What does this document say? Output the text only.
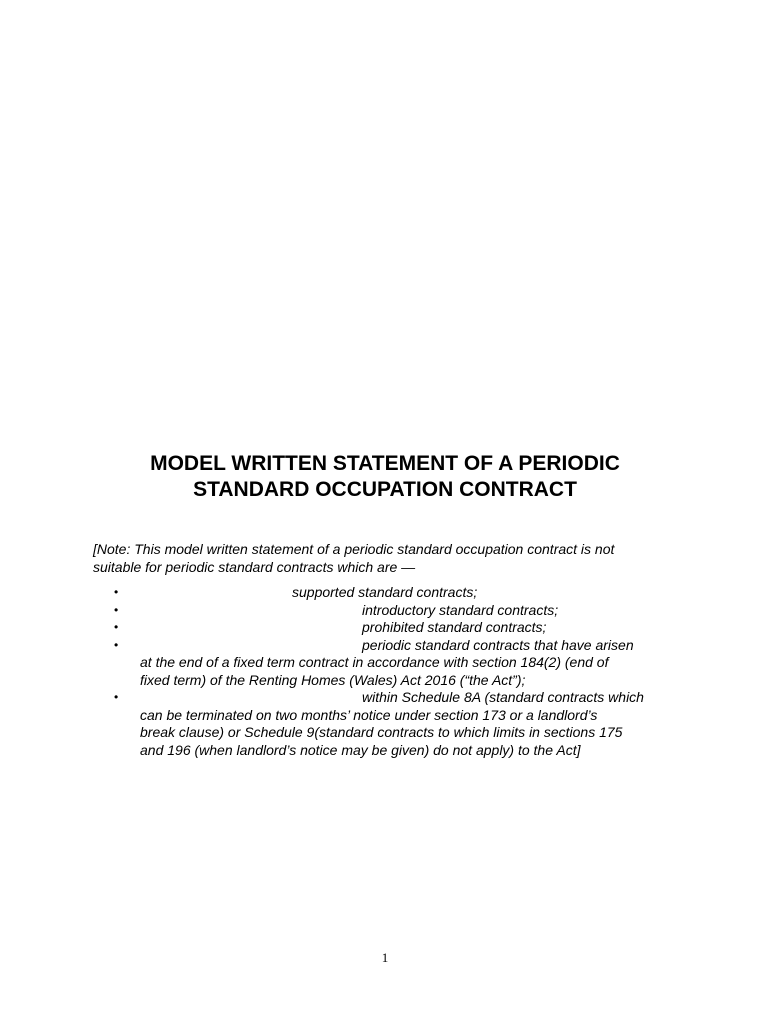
MODEL WRITTEN STATEMENT OF A PERIODIC
STANDARD OCCUPATION CONTRACT

[Note: This model written statement of a periodic standard occupation contract is not
suitable for periodic standard contracts which are —

•	supported standard contracts;
•	introductory standard contracts;
•	prohibited standard contracts;
•	periodic standard contracts that have arisen
at the end of a fixed term contract in accordance with section 184(2) (end of
fixed term) of the Renting Homes (Wales) Act 2016 (“the Act”);
•	within Schedule 8A (standard contracts which
can be terminated on two months’ notice under section 173 or a landlord’s
break clause) or Schedule 9(standard contracts to which limits in sections 175
and 196 (when landlord’s notice may be given) do not apply) to the Act]
1
